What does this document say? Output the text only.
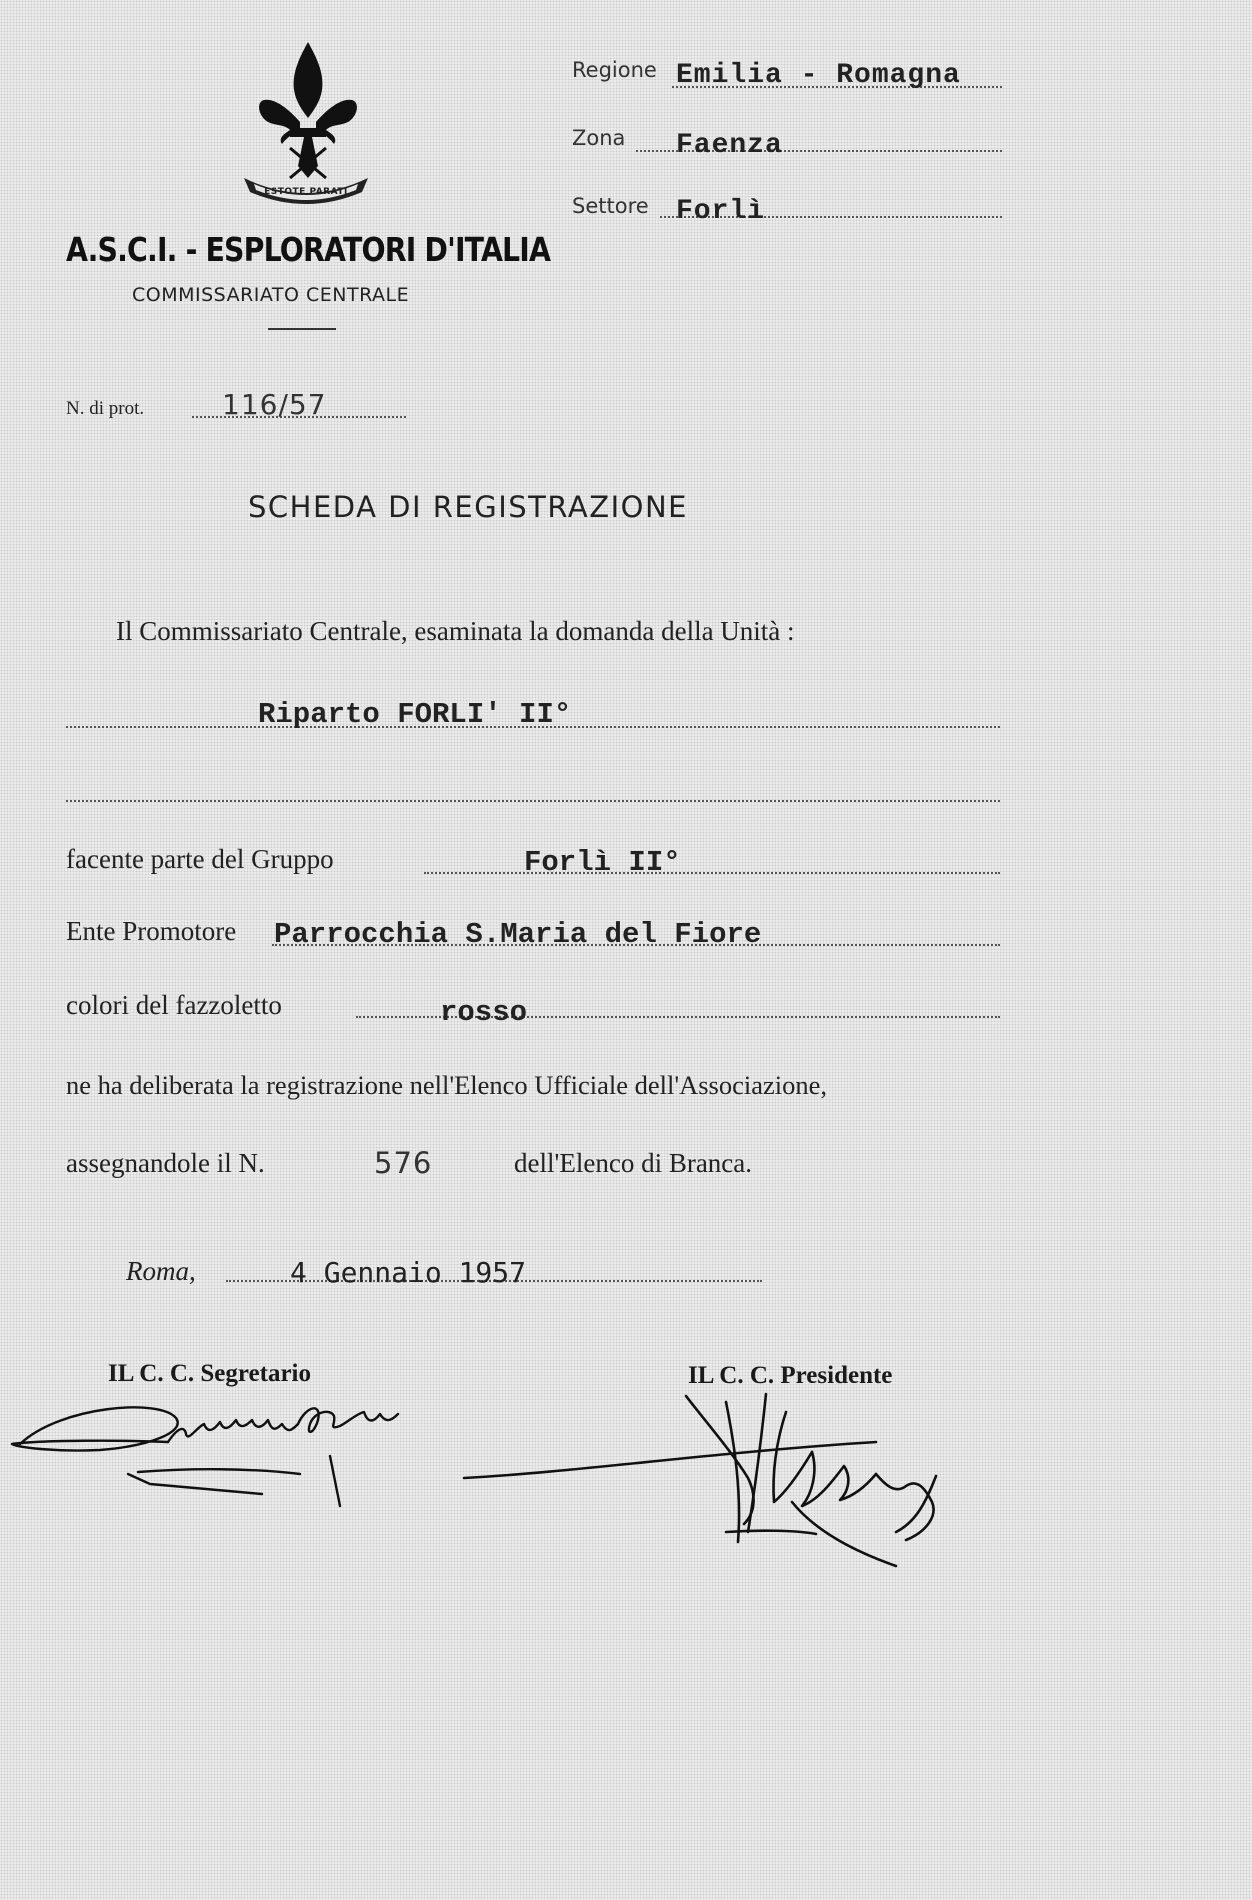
ESTOTE PARATI
A.S.C.I. - ESPLORATORI D'ITALIA
COMMISSARIATO CENTRALE
Regione Emilia - Romagna
Zona Faenza
Settore Forlì
N. di prot.	116/57
SCHEDA DI REGISTRAZIONE
Il Commissariato Centrale, esaminata la domanda della Unità :
Riparto FORLI' II°
facente parte del Gruppo	Forlì II°
Ente Promotore Parrocchia S.Maria del Fiore
colori del fazzoletto	rosso
ne ha deliberata la registrazione nell'Elenco Ufficiale dell'Associazione,
assegnandole il N.	576	dell'Elenco di Branca.
Roma,	4 Gennaio 1957
IL C. C. Segretario	IL C. C. Presidente
